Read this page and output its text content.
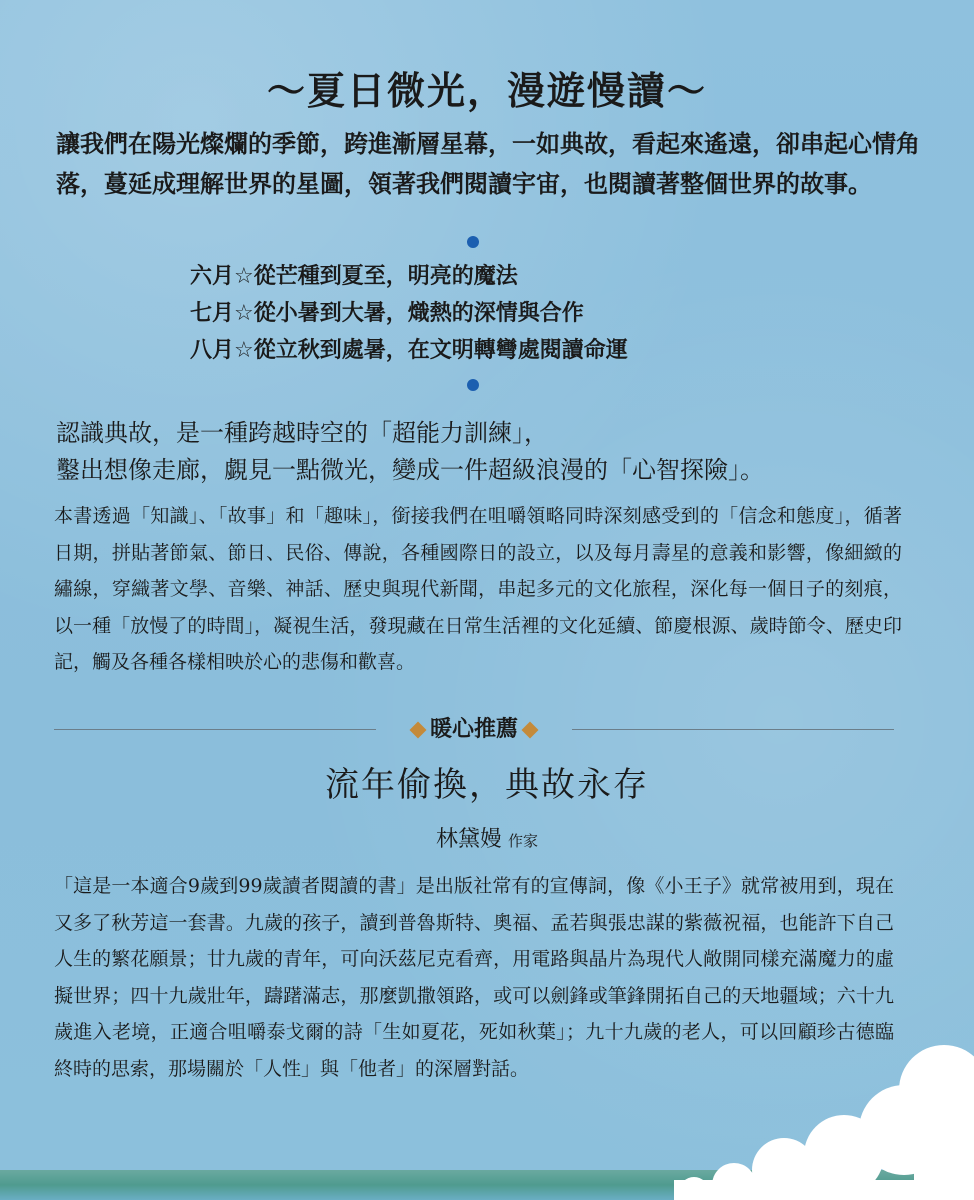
〜夏日微光，漫遊慢讀〜
讓我們在陽光燦爛的季節，跨進漸層星幕，一如典故，看起來遙遠，卻串起心情角落，蔓延成理解世界的星圖，領著我們閱讀宇宙，也閱讀著整個世界的故事。
六月☆從芒種到夏至，明亮的魔法
七月☆從小暑到大暑，熾熱的深情與合作
八月☆從立秋到處暑，在文明轉彎處閱讀命運
認識典故，是一種跨越時空的「超能力訓練」，
鑿出想像走廊，覷見一點微光，變成一件超級浪漫的「心智探險」。
本書透過「知識」、「故事」和「趣味」，銜接我們在咀嚼領略同時深刻感受到的「信念和態度」，循著日期，拼貼著節氣、節日、民俗、傳說，各種國際日的設立，以及每月壽星的意義和影響，像細緻的繡線，穿織著文學、音樂、神話、歷史與現代新聞，串起多元的文化旅程，深化每一個日子的刻痕，以一種「放慢了的時間」，凝視生活，發現藏在日常生活裡的文化延續、節慶根源、歲時節令、歷史印記，觸及各種各樣相映於心的悲傷和歡喜。
暖心推薦
流年偷換，典故永存
林黛嫚 作家
「這是一本適合9歲到99歲讀者閱讀的書」是出版社常有的宣傳詞，像《小王子》就常被用到，現在又多了秋芳這一套書。九歲的孩子，讀到普魯斯特、奧福、孟若與張忠謀的紫薇祝福，也能許下自己人生的繁花願景；廿九歲的青年，可向沃茲尼克看齊，用電路與晶片為現代人敞開同樣充滿魔力的虛擬世界；四十九歲壯年，躊躇滿志，那麼凱撒領路，或可以劍鋒或筆鋒開拓自己的天地疆域；六十九歲進入老境，正適合咀嚼泰戈爾的詩「生如夏花，死如秋葉」；九十九歲的老人，可以回顧珍古德臨終時的思索，那場關於「人性」與「他者」的深層對話。
